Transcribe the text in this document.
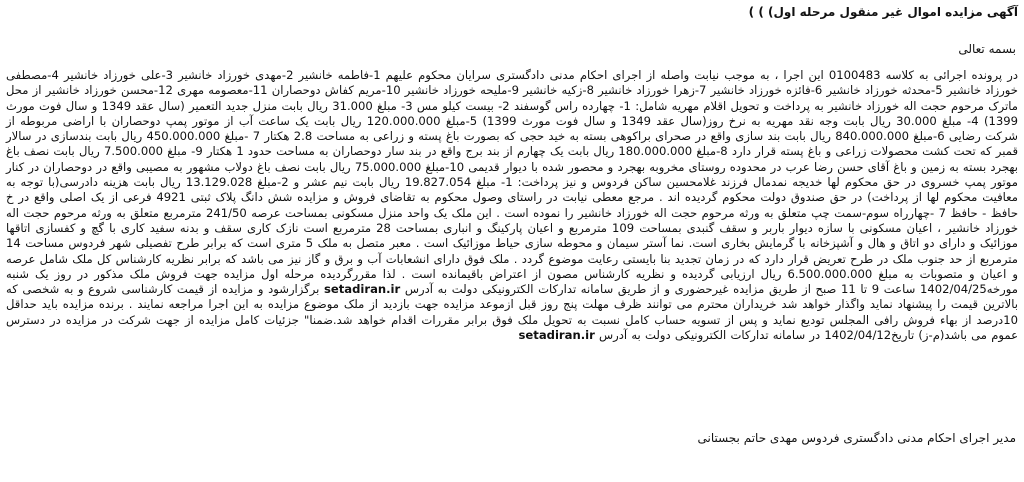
آگهی مزایده اموال غیر منقول مرحله اول) ) )
بسمه تعالی
در پرونده اجرائی به کلاسه 0100483 این اجرا ، به موجب نیابت واصله از اجرای احکام مدنی دادگستری سرایان محکوم علیهم 1-فاطمه خانشیر 2-مهدی خورزاد خانشیر 3-علی خورزاد خانشیر 4-مصطفی خورزاد خانشیر 5-محدثه خورزاد خانشیر 6-فائزه خورزاد خانشیر 7-زهرا خورزاد خانشیر 8-زکیه خانشیر 9-ملیحه خورزاد خانشیر 10-مریم کفاش دوحصاران 11-معصومه مهری 12-محسن خورزاد خانشیر از محل ماترک مرحوم حجت اله خورزاد خانشیر به پرداخت و تحویل اقلام مهریه شامل: 1- چهارده راس گوسفند 2- بیست کیلو مس 3- مبلغ 31.000 ریال بابت منزل جدید التعمیر (سال عقد 1349 و سال فوت مورث 1399) 4- مبلغ 30.000 ریال بابت وجه نقد مهریه به نرخ روز(سال عقد 1349 و سال فوت مورث 1399) 5-مبلغ 120.000.000 ریال بابت یک ساعت آب از موتور پمپ دوحصاران با اراضی مربوطه از شرکت رضایی 6-مبلغ 840.000.000 ریال بابت بند سازی واقع در صحرای براکوهی بسته به خید حجی که بصورت باغ پسته و زراعی به مساحت 2.8 هکتار 7 -مبلغ 450.000.000 ریال بابت بندسازی در سالار قمبر که تحت کشت محصولات زراعی و باغ پسته قرار دارد 8-مبلغ 180.000.000 ریال بابت یک چهارم از بند برج واقع در بند سار دوحصاران به مساحت حدود 1 هکتار 9- مبلغ 7.500.000 ریال بابت نصف باغ بهجرد بسته به زمین و باغ آقای حسن رضا عرب در محدوده روستای مخروبه بهجرد و محصور شده با دیوار قدیمی 10-مبلغ 75.000.000 ریال بابت نصف باغ دولاب مشهور به مصیبی واقع در دوحصاران در کنار موتور پمپ خسروی در حق محکوم لها خدیجه نمدمال فرزند غلامحسین ساکن فردوس و نیز پرداخت: 1- مبلغ 19.827.054 ریال بابت نیم عشر و 2-مبلغ 13.129.028 ریال بابت هزینه دادرسی(با توجه به معافیت محکوم لها از پرداخت) در حق صندوق دولت محکوم گردیده اند . مرجع معطی نیابت در راستای وصول محکوم به تقاضای فروش و مزایده شش دانگ پلاک ثبتی 4921 فرعی از یک اصلی واقع در خ حافظ - حافظ 7 -چهارراه سوم-سمت چپ متعلق به ورثه مرحوم حجت اله خورزاد خانشیر را نموده است . این ملک یک واحد منزل مسکونی بمساحت عرصه 241/50 مترمربع متعلق به ورثه مرحوم حجت اله خورزاد خانشیر ، اعیان مسکونی با سازه دیوار باربر و سقف گنبدی بمساحت 109 مترمربع و اعیان پارکینگ و انباری بمساحت 28 مترمربع است نازک کاری سقف و بدنه سفید کاری با گچ و کفسازی اتاقها موزائیک و دارای دو اتاق و هال و آشپزخانه با گرمایش بخاری است. نما آستر سیمان و محوطه سازی حیاط موزائیک است . معبر متصل به ملک 5 متری است که برابر طرح تفصیلی شهر فردوس مساحت 14 مترمربع از حد جنوب ملک در طرح تعریض قرار دارد که در زمان تجدید بنا بایستی رعایت موضوع گردد . ملک فوق دارای انشعابات آب و برق و گاز نیز می باشد که برابر نظریه کارشناس کل ملک شامل عرصه و اعیان و متصوبات به مبلغ 6.500.000.000 ریال ارزیابی گردیده و نظریه کارشناس مصون از اعتراض باقیمانده است . لذا مقررگردیده مرحله اول مزایده جهت فروش ملک مذکور در روز یک شنبه مورخه1402/04/25 ساعت 9 تا 11 صبح از طریق مزایده غیرحضوری و از طریق سامانه تدارکات الکترونیکی دولت به آدرس setadiran.ir برگزارشود و مزایده از قیمت کارشناسی شروع و به شخصی که بالاترین قیمت را پیشنهاد نماید واگذار خواهد شد خریداران محترم می توانند ظرف مهلت پنج روز قبل ازموعد مزایده جهت بازدید از ملک موضوع مزایده به این اجرا مراجعه نمایند . برنده مزایده باید حداقل 10درصد از بهاء فروش رافی المجلس تودیع نماید و پس از تسویه حساب کامل نسبت به تحویل ملک فوق برابر مقررات اقدام خواهد شد.ضمنا" جزئیات کامل مزایده از جهت شرکت در مزایده در دسترس عموم می باشد(م-ز) تاریخ1402/04/12 در سامانه تدارکات الکترونیکی دولت به آدرس setadiran.ir
مدیر اجرای احکام مدنی دادگستری فردوس مهدی حاتم بجستانی
